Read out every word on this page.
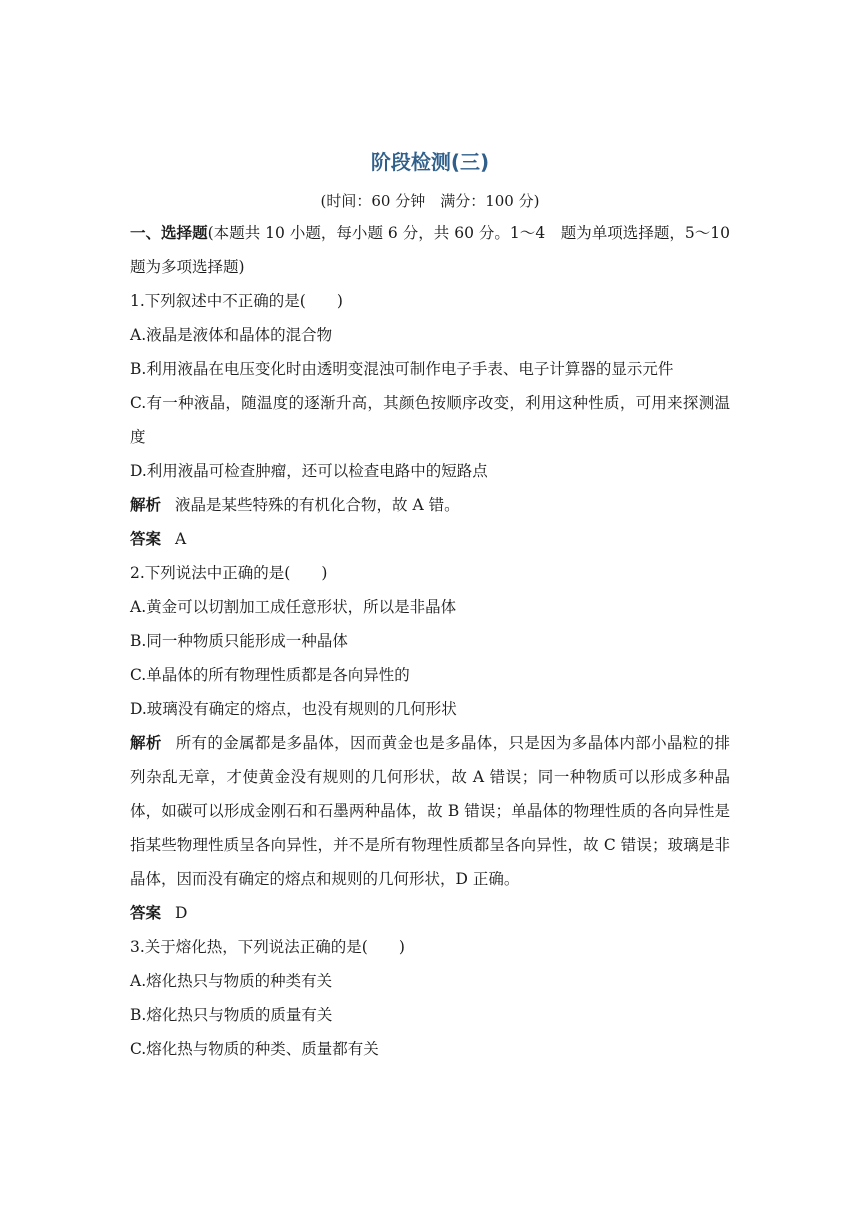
阶段检测(三)
(时间：60 分钟　满分：100 分)
一、选择题(本题共 10 小题，每小题 6 分，共 60 分。1～4　题为单项选择题，5～10 题为多项选择题)
1.下列叙述中不正确的是(　　)
A.液晶是液体和晶体的混合物
B.利用液晶在电压变化时由透明变混浊可制作电子手表、电子计算器的显示元件
C.有一种液晶，随温度的逐渐升高，其颜色按顺序改变，利用这种性质，可用来探测温度
D.利用液晶可检查肿瘤，还可以检查电路中的短路点
解析 液晶是某些特殊的有机化合物，故 A 错。
答案 A
2.下列说法中正确的是(　　)
A.黄金可以切割加工成任意形状，所以是非晶体
B.同一种物质只能形成一种晶体
C.单晶体的所有物理性质都是各向异性的
D.玻璃没有确定的熔点，也没有规则的几何形状
解析 所有的金属都是多晶体，因而黄金也是多晶体，只是因为多晶体内部小晶粒的排列杂乱无章，才使黄金没有规则的几何形状，故 A 错误；同一种物质可以形成多种晶体，如碳可以形成金刚石和石墨两种晶体，故 B 错误；单晶体的物理性质的各向异性是指某些物理性质呈各向异性，并不是所有物理性质都呈各向异性，故 C 错误；玻璃是非晶体，因而没有确定的熔点和规则的几何形状，D 正确。
答案 D
3.关于熔化热，下列说法正确的是(　　)
A.熔化热只与物质的种类有关
B.熔化热只与物质的质量有关
C.熔化热与物质的种类、质量都有关
